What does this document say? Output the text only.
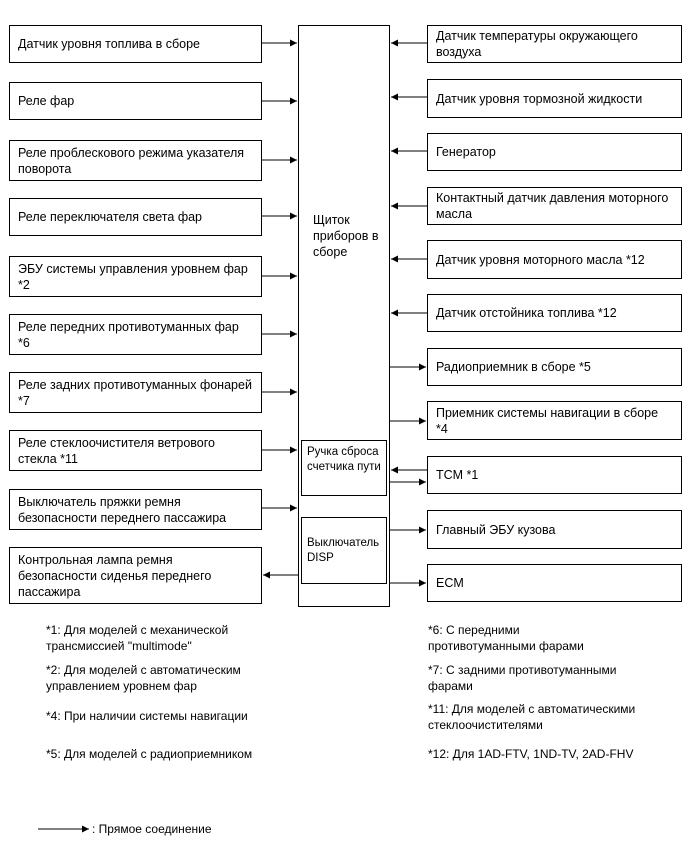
Щиток приборов в сборе
Ручка сброса счетчика пути
Выключатель DISP
Датчик уровня топлива в сборе
Реле фар
Реле проблескового режима указателя поворота
Реле переключателя света фар
ЭБУ системы управления уровнем фар *2
Реле передних противотуманных фар *6
Реле задних противотуманных фонарей *7
Реле стеклоочистителя ветрового стекла *11
Выключатель пряжки ремня безопасности переднего пассажира
Контрольная лампа ремня безопасности сиденья переднего пассажира
Датчик температуры окружающего воздуха
Датчик уровня тормозной жидкости
Генератор
Контактный датчик давления моторного масла
Датчик уровня моторного масла *12
Датчик отстойника топлива *12
Радиоприемник в сборе *5
Приемник системы навигации в сборе *4
TCM *1
Главный ЭБУ кузова
ECM
*1: Для моделей с механической трансмиссией "multimode"
*2: Для моделей с автоматическим управлением уровнем фар
*4: При наличии системы навигации
*5: Для моделей с радиоприемником
*6: С передними противотуманными фарами
*7: С задними противотуманными фарами
*11: Для моделей с автоматическими стеклоочистителями
*12: Для 1AD-FTV, 1ND-TV, 2AD-FHV
: Прямое соединение
